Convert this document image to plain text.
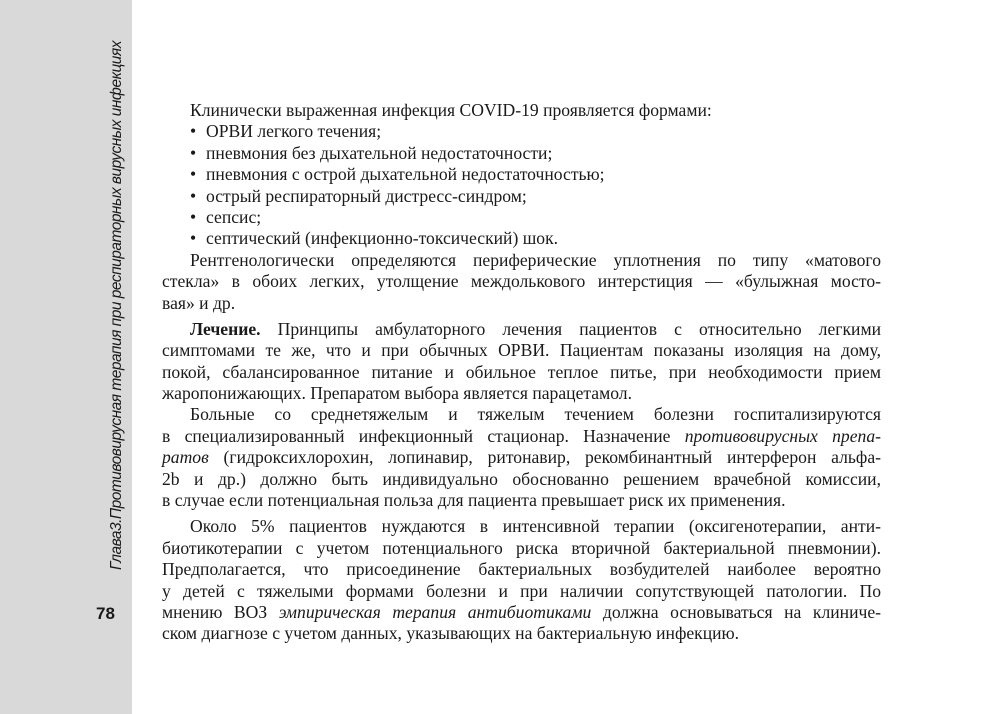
Глава3.Противовирусная терапия при респираторных вирусных инфекциях
78
Клинически выраженная инфекция COVID-19 проявляется формами:
• ОРВИ легкого течения;
• пневмония без дыхательной недостаточности;
• пневмония с острой дыхательной недостаточностью;
• острый респираторный дистресс-синдром;
• сепсис;
• септический (инфекционно-токсический) шок.
Рентгенологически определяются периферические уплотнения по типу «матового
стекла» в обоих легких, утолщение междолькового интерстиция — «булыжная мосто-
вая» и др.
Лечение. Принципы амбулаторного лечения пациентов с относительно легкими
симптомами те же, что и при обычных ОРВИ. Пациентам показаны изоляция на дому,
покой, сбалансированное питание и обильное теплое питье, при необходимости прием
жаропонижающих. Препаратом выбора является парацетамол.
Больные со среднетяжелым и тяжелым течением болезни госпитализируются
в специализированный инфекционный стационар. Назначение противовирусных препа-
ратов (гидроксихлорохин, лопинавир, ритонавир, рекомбинантный интерферон альфа-
2b и др.) должно быть индивидуально обоснованно решением врачебной комиссии,
в случае если потенциальная польза для пациента превышает риск их применения.
Около 5% пациентов нуждаются в интенсивной терапии (оксигенотерапии, анти-
биотикотерапии с учетом потенциального риска вторичной бактериальной пневмонии).
Предполагается, что присоединение бактериальных возбудителей наиболее вероятно
у детей с тяжелыми формами болезни и при наличии сопутствующей патологии. По
мнению ВОЗ эмпирическая терапия антибиотиками должна основываться на клиниче-
ском диагнозе с учетом данных, указывающих на бактериальную инфекцию.
